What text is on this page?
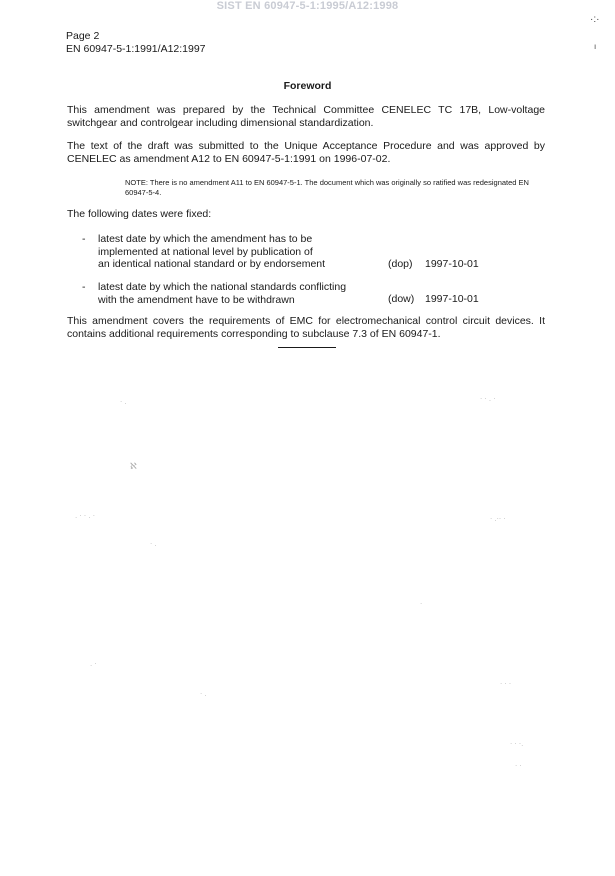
SIST EN 60947-5-1:1995/A12:1998
·:·
ı
Page 2
EN 60947-5-1:1991/A12:1997
Foreword
This amendment was prepared by the Technical Committee CENELEC TC 17B, Low-voltage switchgear and controlgear including dimensional standardization.
The text of the draft was submitted to the Unique Acceptance Procedure and was approved by CENELEC as amendment A12 to EN 60947-5-1:1991 on 1996-07-02.
NOTE: There is no amendment A11 to EN 60947-5-1. The document which was originally so ratified was redesignated EN 60947-5-4.
The following dates were fixed:
- latest date by which the amendment has to be
implemented at national level by publication of
an identical national standard or by endorsement	(dop) 1997-10-01
- latest date by which the national standards conflicting
with the amendment have to be withdrawn	(dow) 1997-10-01
This amendment covers the requirements of EMC for electromechanical control circuit devices. It contains additional requirements corresponding to subclause 7.3 of EN 60947-1.
ℵ
· .	· · . ·
. · · . ·	· .·· ·
· .
· · ·
· · ·.
· ·
. ·
· .
·
